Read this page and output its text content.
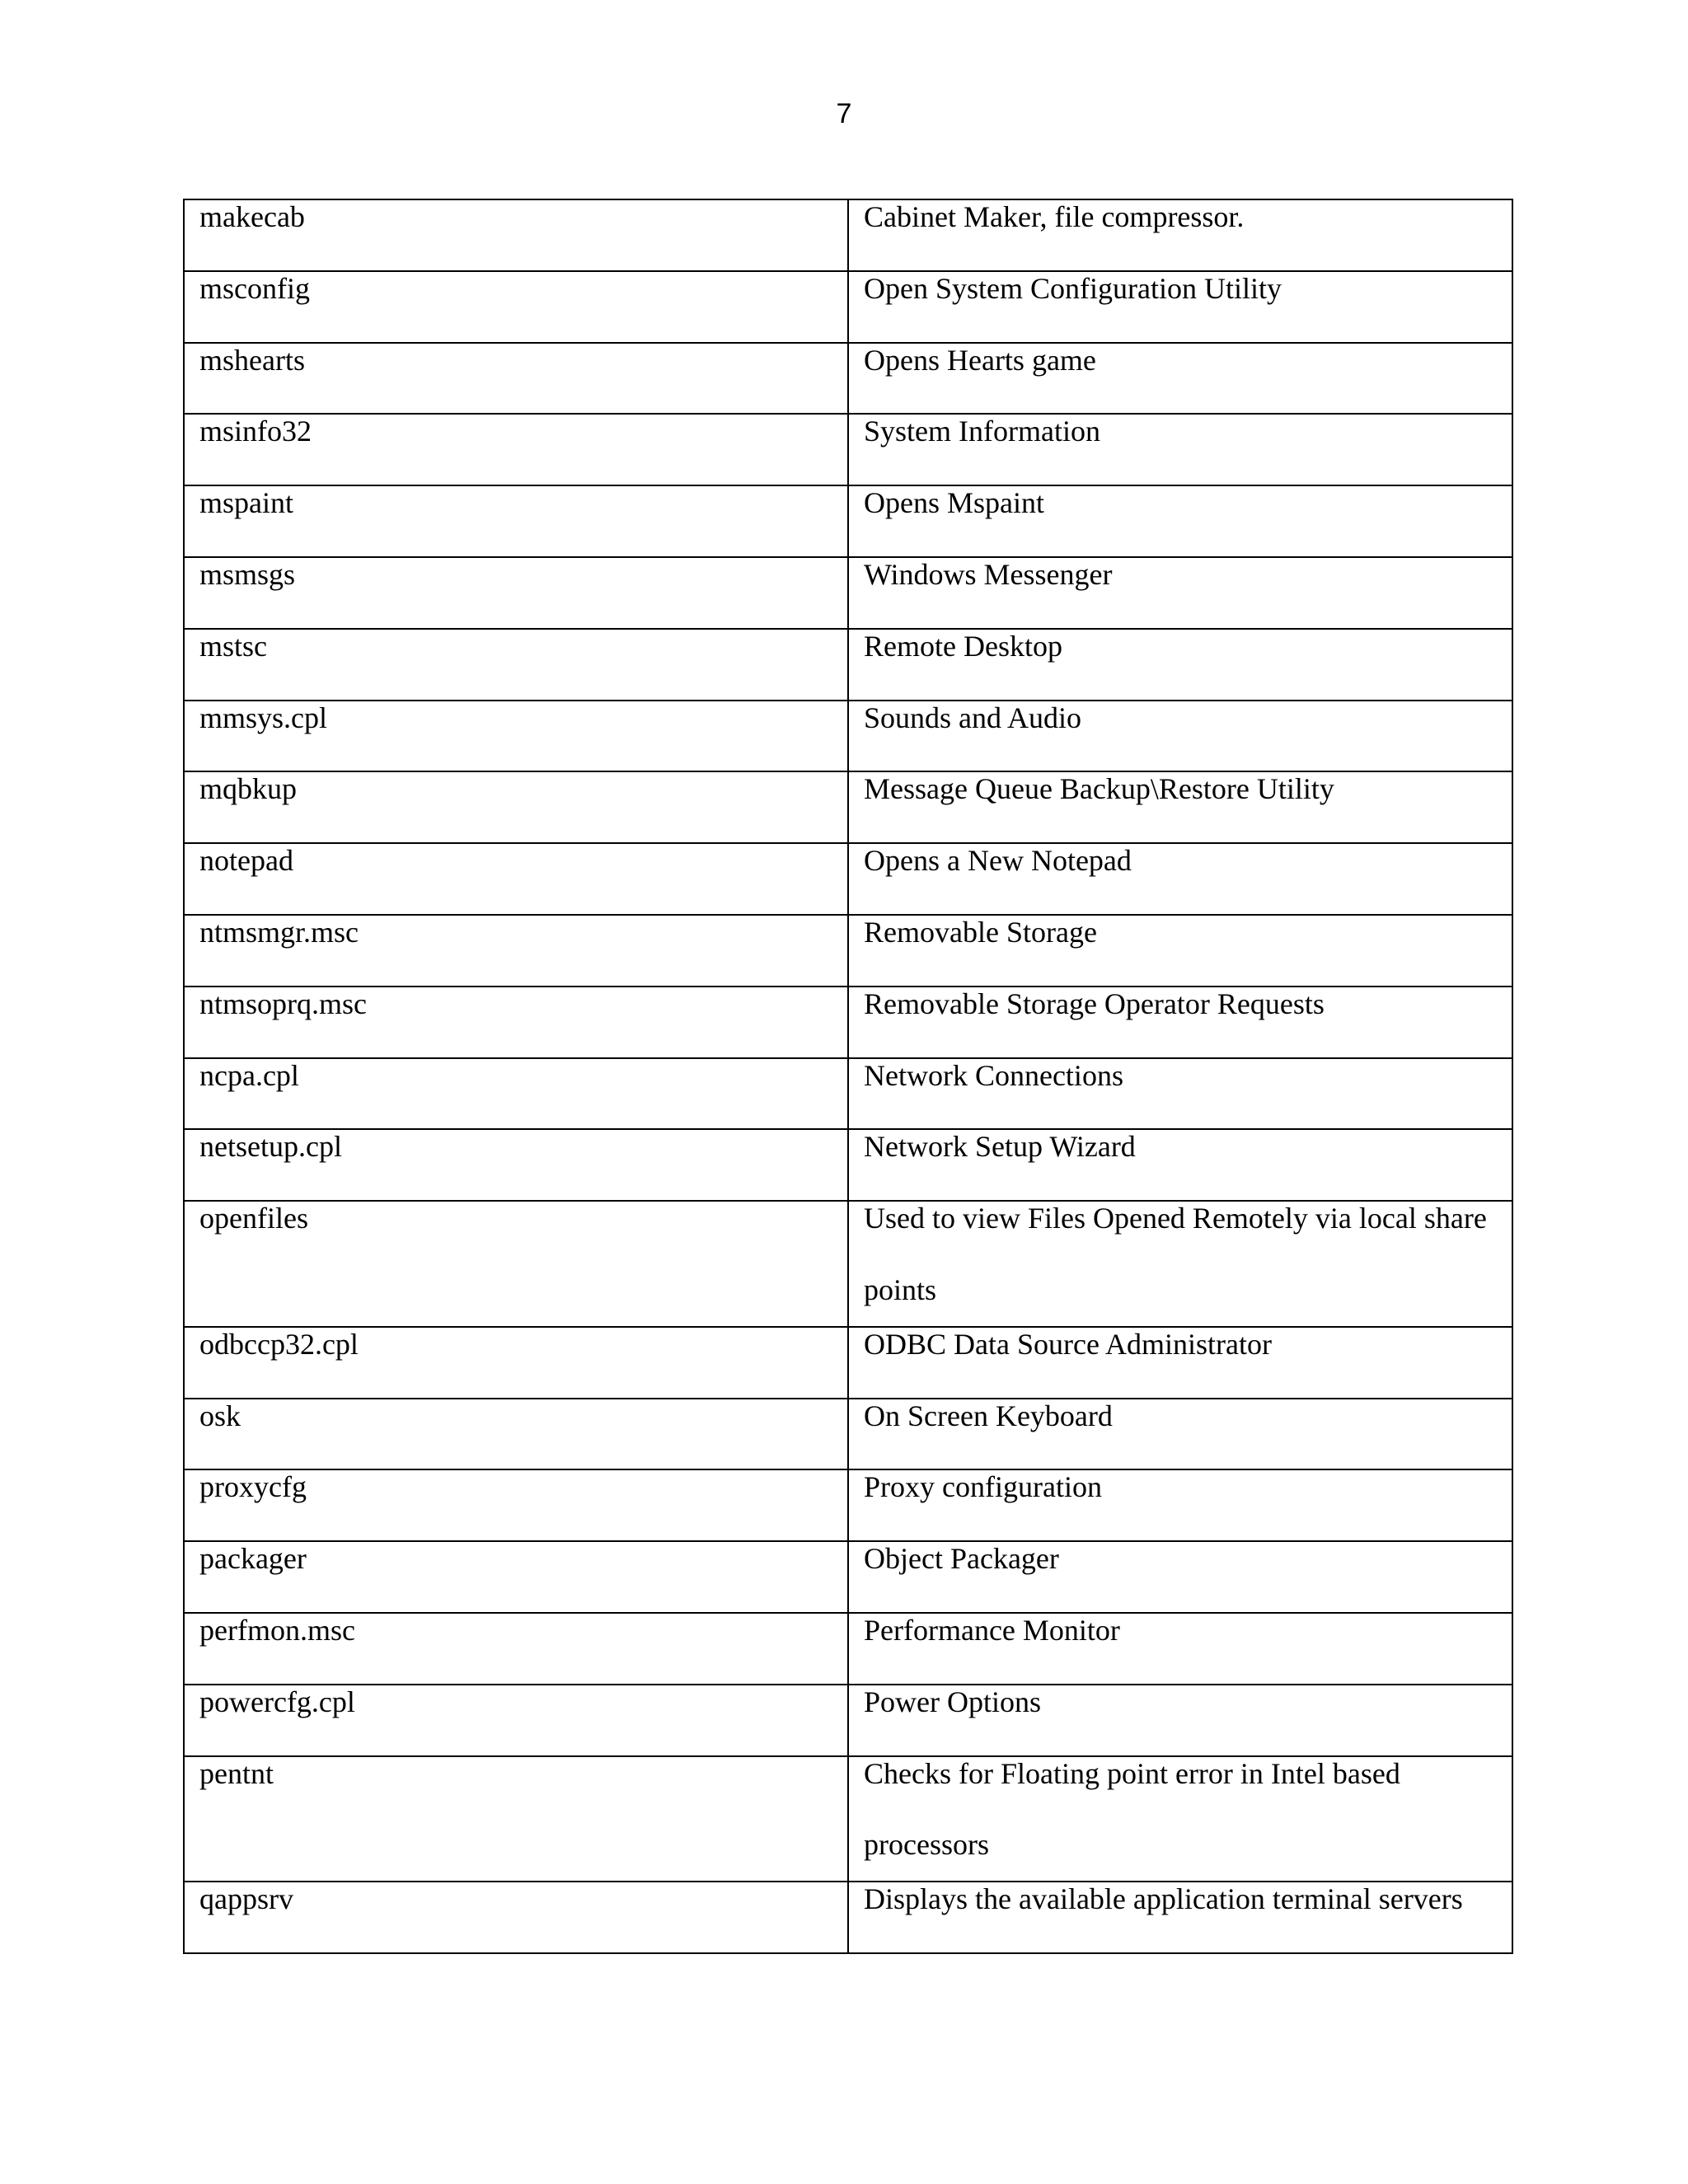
7
makecab	Cabinet Maker, file compressor.

msconfig	Open System Configuration Utility

mshearts	Opens Hearts game

msinfo32	System Information

mspaint	Opens Mspaint

msmsgs	Windows Messenger

mstsc	Remote Desktop

mmsys.cpl	Sounds and Audio

mqbkup	Message Queue Backup\Restore Utility

notepad	Opens a New Notepad

ntmsmgr.msc	Removable Storage

ntmsoprq.msc	Removable Storage Operator Requests

ncpa.cpl	Network Connections

netsetup.cpl	Network Setup Wizard

openfiles	Used to view Files Opened Remotely via local share points

odbccp32.cpl	ODBC Data Source Administrator

osk	On Screen Keyboard

proxycfg	Proxy configuration

packager	Object Packager

perfmon.msc	Performance Monitor

powercfg.cpl	Power Options

pentnt	Checks for Floating point error in Intel based processors

qappsrv	Displays the available application terminal servers
